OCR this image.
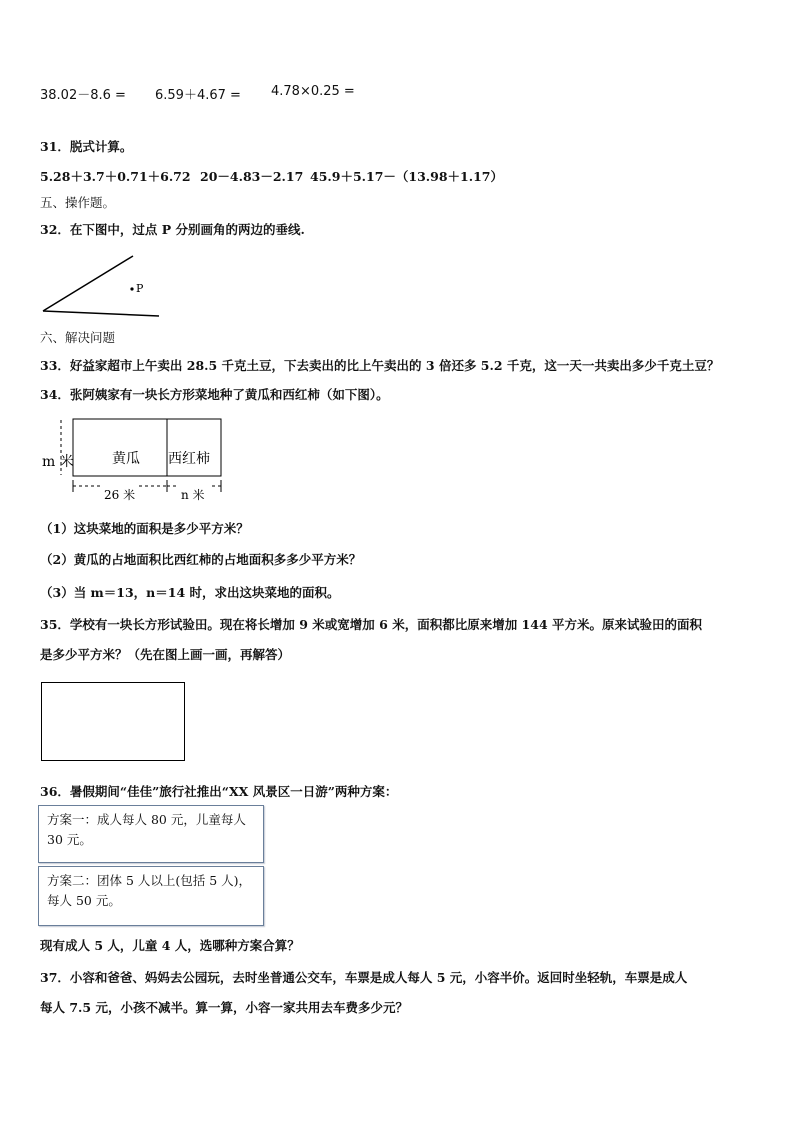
38.02－8.6 = 6.59＋4.67 = 4.78×0.25 =
31．脱式计算。
5.28＋3.7＋0.71＋6.72 20－4.83－2.17 45.9＋5.17－（13.98＋1.17）
五、操作题。
32．在下图中，过点 P 分别画角的两边的垂线.
P
六、解决问题
33．好益家超市上午卖出 28.5 千克土豆，下去卖出的比上午卖出的 3 倍还多 5.2 千克，这一天一共卖出多少千克土豆？
34．张阿姨家有一块长方形菜地种了黄瓜和西红柿（如下图）。
m 米	黄瓜 西红柿
26 米	n 米
（1）这块菜地的面积是多少平方米？
（2）黄瓜的占地面积比西红柿的占地面积多多少平方米？
（3）当 m＝13，n＝14 时，求出这块菜地的面积。
35．学校有一块长方形试验田。现在将长增加 9 米或宽增加 6 米，面积都比原来增加 144 平方米。原来试验田的面积
是多少平方米？（先在图上画一画，再解答）
36．暑假期间“佳佳”旅行社推出“XX 风景区一日游”两种方案：
方案一：成人每人 80 元，儿童每人 30 元。
方案二：团体 5 人以上(包括 5 人)，每人 50 元。
现有成人 5 人，儿童 4 人，选哪种方案合算？
37．小容和爸爸、妈妈去公园玩，去时坐普通公交车，车票是成人每人 5 元，小容半价。返回时坐轻轨，车票是成人
每人 7.5 元，小孩不减半。算一算，小容一家共用去车费多少元？
